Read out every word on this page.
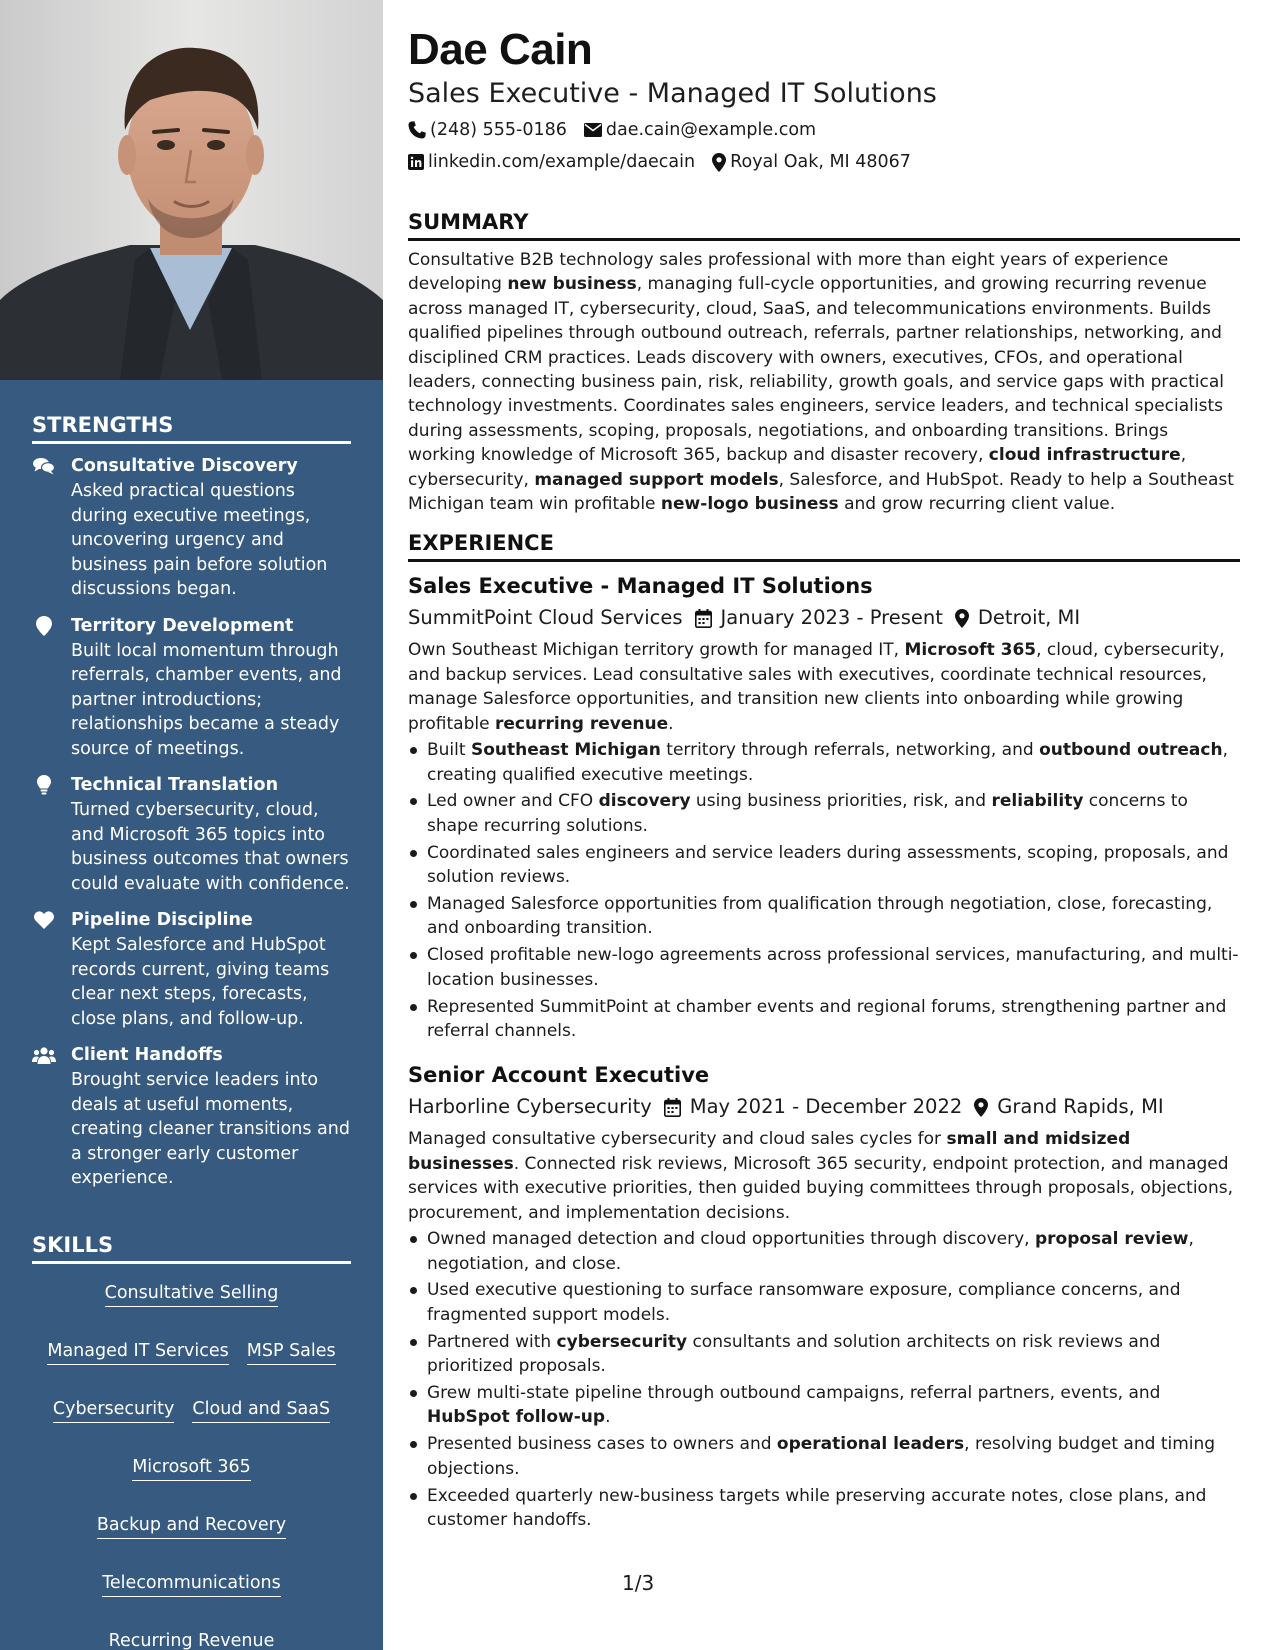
STRENGTHS
Consultative Discovery
Asked practical questions during executive meetings, uncovering urgency and business pain before solution discussions began.
Territory Development
Built local momentum through referrals, chamber events, and partner introductions; relationships became a steady source of meetings.
Technical Translation
Turned cybersecurity, cloud, and Microsoft 365 topics into business outcomes that owners could evaluate with confidence.
Pipeline Discipline
Kept Salesforce and HubSpot records current, giving teams clear next steps, forecasts, close plans, and follow-up.
Client Handoffs
Brought service leaders into deals at useful moments, creating cleaner transitions and a stronger early customer experience.
SKILLS
Consultative Selling
Managed IT Services MSP Sales
Cybersecurity Cloud and SaaS
Microsoft 365
Backup and Recovery
Telecommunications
Recurring Revenue
Dae Cain
Sales Executive - Managed IT Solutions
(248) 555-0186 dae.cain@example.com
linkedin.com/example/daecain Royal Oak, MI 48067
SUMMARY

Consultative B2B technology sales professional with more than eight years of experience developing new business, managing full-cycle opportunities, and growing recurring revenue across managed IT, cybersecurity, cloud, SaaS, and telecommunications environments. Builds qualified pipelines through outbound outreach, referrals, partner relationships, networking, and disciplined CRM practices. Leads discovery with owners, executives, CFOs, and operational leaders, connecting business pain, risk, reliability, growth goals, and service gaps with practical technology investments. Coordinates sales engineers, service leaders, and technical specialists during assessments, scoping, proposals, negotiations, and onboarding transitions. Brings working knowledge of Microsoft 365, backup and disaster recovery, cloud infrastructure, cybersecurity, managed support models, Salesforce, and HubSpot. Ready to help a Southeast Michigan team win profitable new-logo business and grow recurring client value.

EXPERIENCE
Sales Executive - Managed IT Solutions
SummitPoint Cloud Services January 2023 - Present Detroit, MI

Own Southeast Michigan territory growth for managed IT, Microsoft 365, cloud, cybersecurity, and backup services. Lead consultative sales with executives, coordinate technical resources, manage Salesforce opportunities, and transition new clients into onboarding while growing profitable recurring revenue.

Built Southeast Michigan territory through referrals, networking, and outbound outreach, creating qualified executive meetings.
Led owner and CFO discovery using business priorities, risk, and reliability concerns to shape recurring solutions.
Coordinated sales engineers and service leaders during assessments, scoping, proposals, and solution reviews.
Managed Salesforce opportunities from qualification through negotiation, close, forecasting, and onboarding transition.
Closed profitable new-logo agreements across professional services, manufacturing, and multi-location businesses.
Represented SummitPoint at chamber events and regional forums, strengthening partner and referral channels.
Senior Account Executive
Harborline Cybersecurity May 2021 - December 2022 Grand Rapids, MI

Managed consultative cybersecurity and cloud sales cycles for small and midsized businesses. Connected risk reviews, Microsoft 365 security, endpoint protection, and managed services with executive priorities, then guided buying committees through proposals, objections, procurement, and implementation decisions.

Owned managed detection and cloud opportunities through discovery, proposal review, negotiation, and close.
Used executive questioning to surface ransomware exposure, compliance concerns, and fragmented support models.
Partnered with cybersecurity consultants and solution architects on risk reviews and prioritized proposals.
Grew multi-state pipeline through outbound campaigns, referral partners, events, and HubSpot follow-up.
Presented business cases to owners and operational leaders, resolving budget and timing objections.
Exceeded quarterly new-business targets while preserving accurate notes, close plans, and customer handoffs.
1/3
